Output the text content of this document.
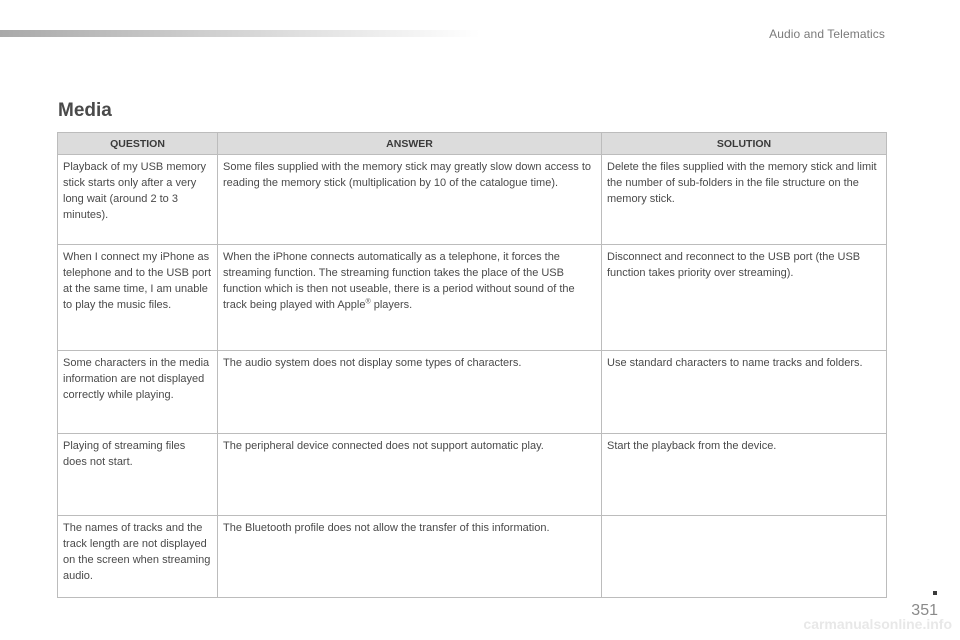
Audio and Telematics
Media
QUESTION	ANSWER	SOLUTION
Playback of my USB memory stick starts only after a very long wait (around 2 to 3 minutes).	Some files supplied with the memory stick may greatly slow down access to reading the memory stick (multiplication by 10 of the catalogue time).	Delete the files supplied with the memory stick and limit the number of sub-folders in the file structure on the memory stick.
When I connect my iPhone as telephone and to the USB port at the same time, I am unable to play the music files.	When the iPhone connects automatically as a telephone, it forces the streaming function. The streaming function takes the place of the USB function which is then not useable, there is a period without sound of the track being played with Apple® players.	Disconnect and reconnect to the USB port (the USB function takes priority over streaming).
Some characters in the media information are not displayed correctly while playing.	The audio system does not display some types of characters.	Use standard characters to name tracks and folders.
Playing of streaming files does not start.	The peripheral device connected does not support automatic play.	Start the playback from the device.
The names of tracks and the track length are not displayed on the screen when streaming audio.	The Bluetooth profile does not allow the transfer of this information.	
351
carmanualsonline.info
